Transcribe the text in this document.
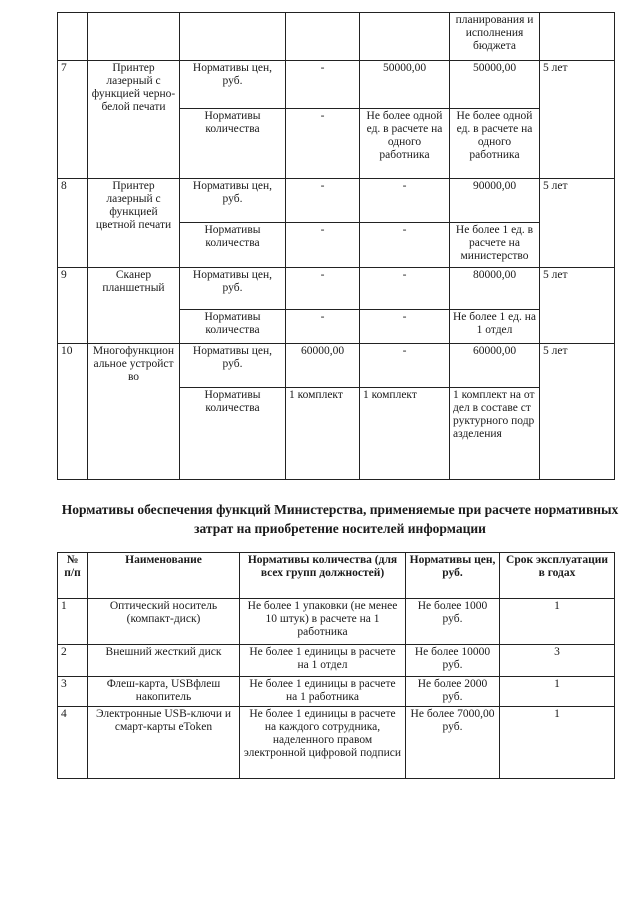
					планирования и исполнения бюджета	
7	Принтер лазерный с функцией черно-белой печати	Нормативы цен, руб.	-	50000,00	50000,00	5 лет
		Нормативы количества	-	Не более одной ед. в расчете на одного работника	Не более одной ед. в расчете на одного работника	
8	Принтер лазерный с функцией цветной печати	Нормативы цен, руб.	-	-	90000,00	5 лет
		Нормативы количества	-	-	Не более 1 ед. в расчете на министерство	
9	Сканер планшетный	Нормативы цен, руб.	-	-	80000,00	5 лет
		Нормативы количества	-	-	Не более 1 ед. на 1 отдел	
10	Многофункциональное устройство	Нормативы цен, руб.	60000,00	-	60000,00	5 лет
		Нормативы количества	1 комплект	1 комплект	1 комплект на отдел в составе структурного подразделения	
Нормативы обеспечения функций Министерства, применяемые при расчете нормативных затрат на приобретение носителей информации
№ п/п	Наименование	Нормативы количества (для всех групп должностей)	Нормативы цен, руб.	Срок эксплуатации в годах
1	Оптический носитель (компакт-диск)	Не более 1 упаковки (не менее 10 штук) в расчете на 1 работника	Не более 1000 руб.	1
2	Внешний жесткий диск	Не более 1 единицы в расчете на 1 отдел	Не более 10000 руб.	3
3	Флеш-карта, USBфлеш накопитель	Не более 1 единицы в расчете на 1 работника	Не более 2000 руб.	1
4	Электронные USB-ключи и смарт-карты eToken	Не более 1 единицы в расчете на каждого сотрудника, наделенного правом электронной цифровой подписи	Не более 7000,00 руб.	1
